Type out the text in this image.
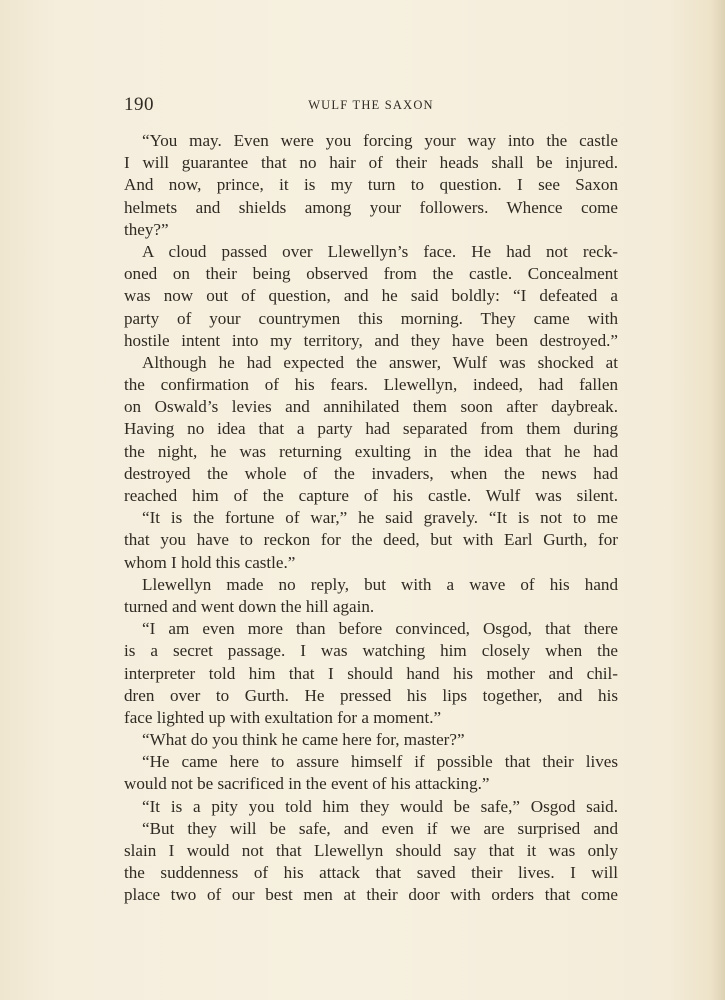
190	WULF THE SAXON
“You may. Even were you forcing your way into the castle
I will guarantee that no hair of their heads shall be injured.
And now, prince, it is my turn to question. I see Saxon
helmets and shields among your followers. Whence come
they?”
A cloud passed over Llewellyn’s face. He had not reck-
oned on their being observed from the castle. Concealment
was now out of question, and he said boldly: “I defeated a
party of your countrymen this morning. They came with
hostile intent into my territory, and they have been destroyed.”
Although he had expected the answer, Wulf was shocked at
the confirmation of his fears. Llewellyn, indeed, had fallen
on Oswald’s levies and annihilated them soon after daybreak.
Having no idea that a party had separated from them during
the night, he was returning exulting in the idea that he had
destroyed the whole of the invaders, when the news had
reached him of the capture of his castle. Wulf was silent.
“It is the fortune of war,” he said gravely. “It is not to me
that you have to reckon for the deed, but with Earl Gurth, for
whom I hold this castle.”
Llewellyn made no reply, but with a wave of his hand
turned and went down the hill again.
“I am even more than before convinced, Osgod, that there
is a secret passage. I was watching him closely when the
interpreter told him that I should hand his mother and chil-
dren over to Gurth. He pressed his lips together, and his
face lighted up with exultation for a moment.”
“What do you think he came here for, master?”
“He came here to assure himself if possible that their lives
would not be sacrificed in the event of his attacking.”
“It is a pity you told him they would be safe,” Osgod said.
“But they will be safe, and even if we are surprised and
slain I would not that Llewellyn should say that it was only
the suddenness of his attack that saved their lives. I will
place two of our best men at their door with orders that come
